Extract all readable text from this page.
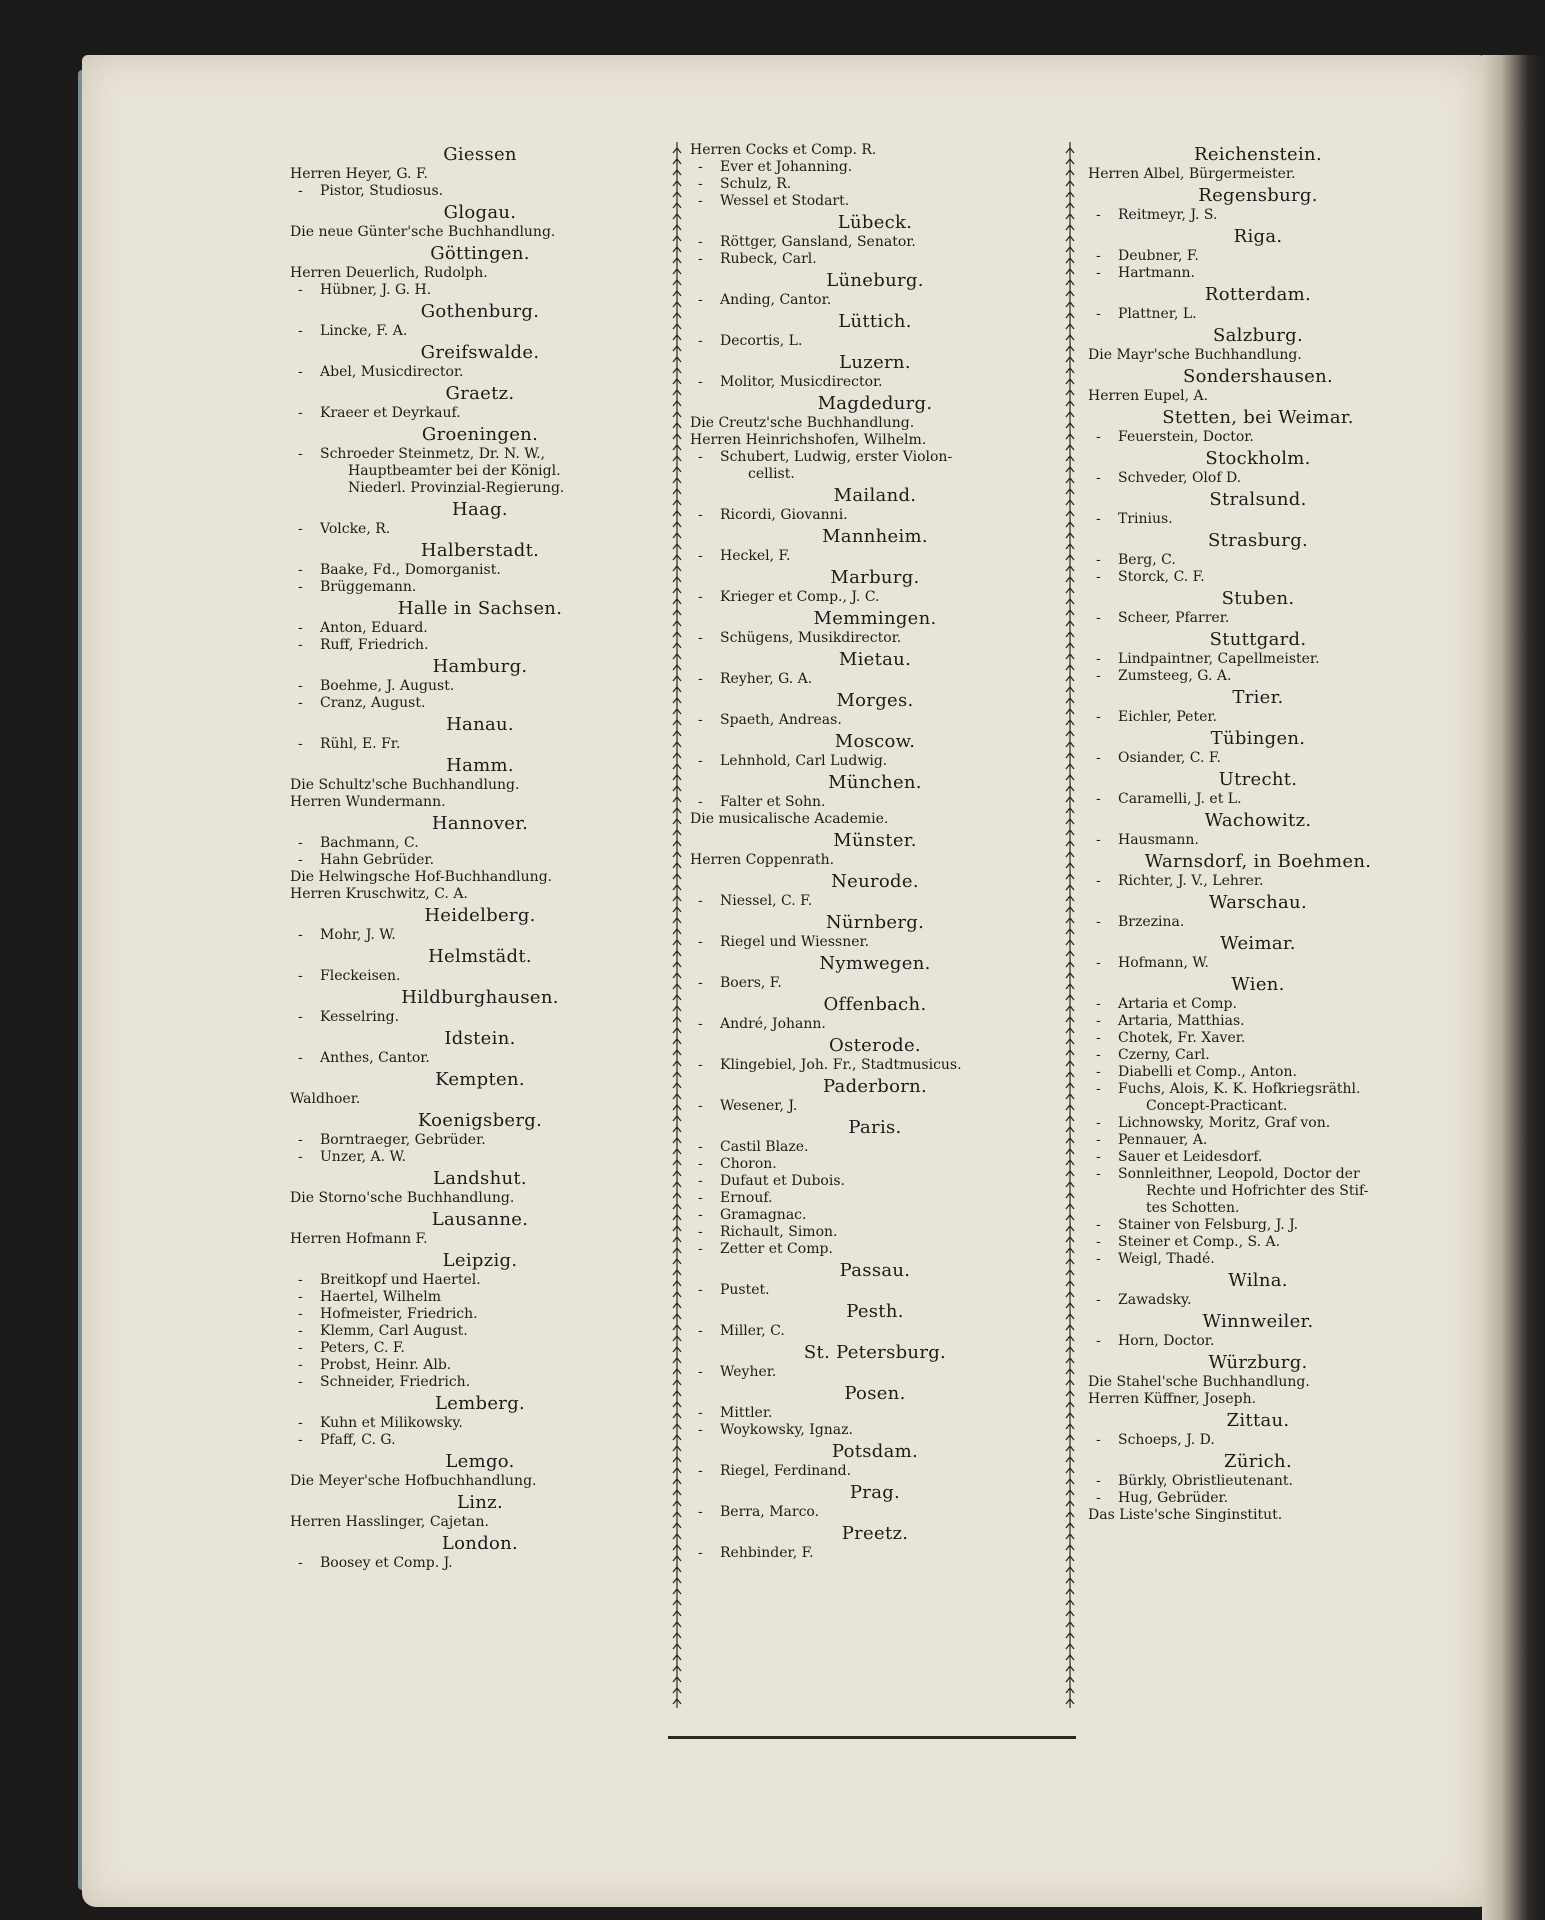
Giessen
Herren Heyer, G. F.
- Pistor, Studiosus.
Glogau.
Die neue Günter'sche Buchhandlung.
Göttingen.
Herren Deuerlich, Rudolph.
- Hübner, J. G. H.
Gothenburg.
- Lincke, F. A.
Greifswalde.
- Abel, Musicdirector.
Graetz.
- Kraeer et Deyrkauf.
Groeningen.
- Schroeder Steinmetz, Dr. N. W.,
Hauptbeamter bei der Königl.
Niederl. Provinzial-Regierung.
Haag.
- Volcke, R.
Halberstadt.
- Baake, Fd., Domorganist.
- Brüggemann.
Halle in Sachsen.
- Anton, Eduard.
- Ruff, Friedrich.
Hamburg.
- Boehme, J. August.
- Cranz, August.
Hanau.
- Rühl, E. Fr.
Hamm.
Die Schultz'sche Buchhandlung.
Herren Wundermann.
Hannover.
- Bachmann, C.
- Hahn Gebrüder.
Die Helwingsche Hof-Buchhandlung.
Herren Kruschwitz, C. A.
Heidelberg.
- Mohr, J. W.
Helmstädt.
- Fleckeisen.
Hildburghausen.
- Kesselring.
Idstein.
- Anthes, Cantor.
Kempten.
Waldhoer.
Koenigsberg.
- Borntraeger, Gebrüder.
- Unzer, A. W.
Landshut.
Die Storno'sche Buchhandlung.
Lausanne.
Herren Hofmann F.
Leipzig.
- Breitkopf und Haertel.
- Haertel, Wilhelm
- Hofmeister, Friedrich.
- Klemm, Carl August.
- Peters, C. F.
- Probst, Heinr. Alb.
- Schneider, Friedrich.
Lemberg.
- Kuhn et Milikowsky.
- Pfaff, C. G.
Lemgo.
Die Meyer'sche Hofbuchhandlung.
Linz.
Herren Hasslinger, Cajetan.
London.
- Boosey et Comp. J.
Herren Cocks et Comp. R.
- Ever et Johanning.
- Schulz, R.
- Wessel et Stodart.
Lübeck.
- Röttger, Gansland, Senator.
- Rubeck, Carl.
Lüneburg.
- Anding, Cantor.
Lüttich.
- Decortis, L.
Luzern.
- Molitor, Musicdirector.
Magdedurg.
Die Creutz'sche Buchhandlung.
Herren Heinrichshofen, Wilhelm.
- Schubert, Ludwig, erster Violon-
cellist.
Mailand.
- Ricordi, Giovanni.
Mannheim.
- Heckel, F.
Marburg.
- Krieger et Comp., J. C.
Memmingen.
- Schügens, Musikdirector.
Mietau.
- Reyher, G. A.
Morges.
- Spaeth, Andreas.
Moscow.
- Lehnhold, Carl Ludwig.
München.
- Falter et Sohn.
Die musicalische Academie.
Münster.
Herren Coppenrath.
Neurode.
- Niessel, C. F.
Nürnberg.
- Riegel und Wiessner.
Nymwegen.
- Boers, F.
Offenbach.
- André, Johann.
Osterode.
- Klingebiel, Joh. Fr., Stadtmusicus.
Paderborn.
- Wesener, J.
Paris.
- Castil Blaze.
- Choron.
- Dufaut et Dubois.
- Ernouf.
- Gramagnac.
- Richault, Simon.
- Zetter et Comp.
Passau.
- Pustet.
Pesth.
- Miller, C.
St. Petersburg.
- Weyher.
Posen.
- Mittler.
- Woykowsky, Ignaz.
Potsdam.
- Riegel, Ferdinand.
Prag.
- Berra, Marco.
Preetz.
- Rehbinder, F.
Reichenstein.
Herren Albel, Bürgermeister.
Regensburg.
- Reitmeyr, J. S.
Riga.
- Deubner, F.
- Hartmann.
Rotterdam.
- Plattner, L.
Salzburg.
Die Mayr'sche Buchhandlung.
Sondershausen.
Herren Eupel, A.
Stetten, bei Weimar.
- Feuerstein, Doctor.
Stockholm.
- Schveder, Olof D.
Stralsund.
- Trinius.
Strasburg.
- Berg, C.
- Storck, C. F.
Stuben.
- Scheer, Pfarrer.
Stuttgard.
- Lindpaintner, Capellmeister.
- Zumsteeg, G. A.
Trier.
- Eichler, Peter.
Tübingen.
- Osiander, C. F.
Utrecht.
- Caramelli, J. et L.
Wachowitz.
- Hausmann.
Warnsdorf, in Boehmen.
- Richter, J. V., Lehrer.
Warschau.
- Brzezina.
Weimar.
- Hofmann, W.
Wien.
- Artaria et Comp.
- Artaria, Matthias.
- Chotek, Fr. Xaver.
- Czerny, Carl.
- Diabelli et Comp., Anton.
- Fuchs, Alois, K. K. Hofkriegsräthl.
Concept-Practicant.
- Lichnowsky, Moritz, Graf von.
- Pennauer, A.
- Sauer et Leidesdorf.
- Sonnleithner, Leopold, Doctor der
Rechte und Hofrichter des Stif-
tes Schotten.
- Stainer von Felsburg, J. J.
- Steiner et Comp., S. A.
- Weigl, Thadé.
Wilna.
- Zawadsky.
Winnweiler.
- Horn, Doctor.
Würzburg.
Die Stahel'sche Buchhandlung.
Herren Küffner, Joseph.
Zittau.
- Schoeps, J. D.
Zürich.
- Bürkly, Obristlieutenant.
- Hug, Gebrüder.
Das Liste'sche Singinstitut.
